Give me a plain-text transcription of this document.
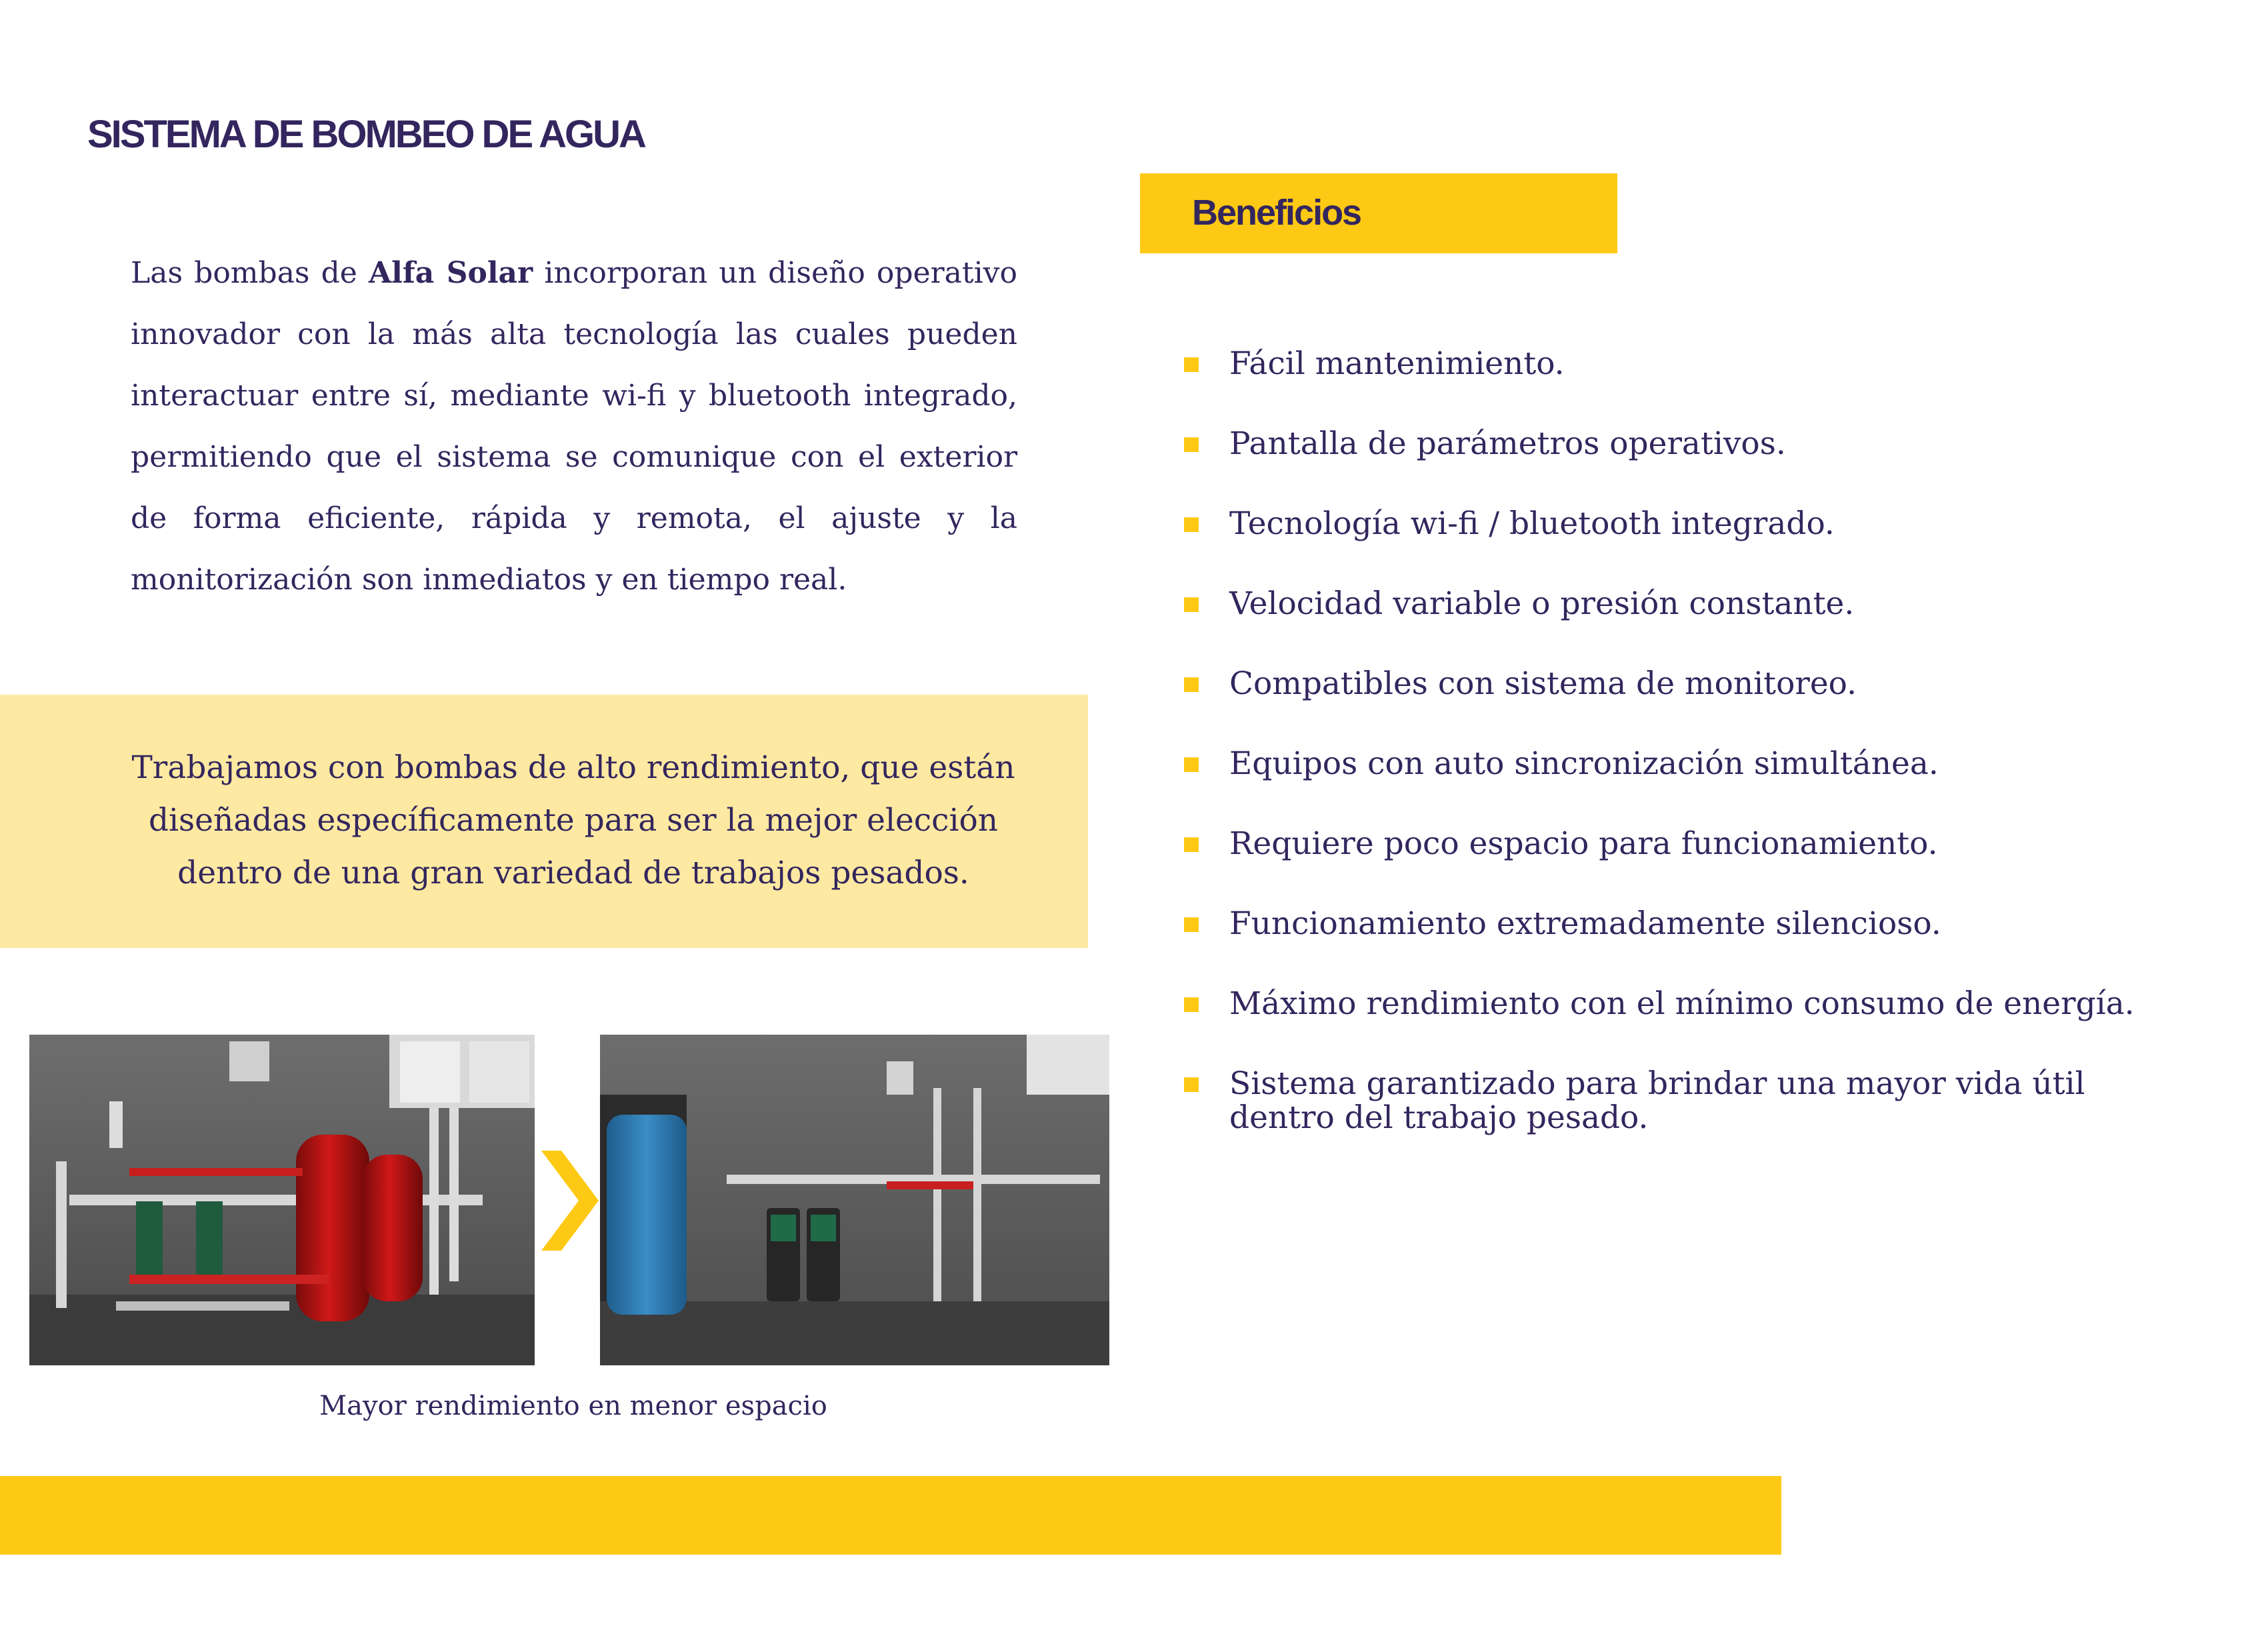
SISTEMA DE BOMBEO DE AGUA

Las bombas de Alfa Solar incorporan un diseño operativo innovador con la más alta tecnología las cuales pueden interactuar entre sí, mediante wi-fi y bluetooth integrado, permitiendo que el sistema se comunique con el exterior de forma eficiente, rápida y remota, el ajuste y la monitorización son inmediatos y en tiempo real.

Trabajamos con bombas de alto rendimiento, que están diseñadas específicamente para ser la mejor elección dentro de una gran variedad de trabajos pesados.

Mayor rendimiento en menor espacio

Beneficios
Fácil mantenimiento.
Pantalla de parámetros operativos.
Tecnología wi-fi / bluetooth integrado.
Velocidad variable o presión constante.
Compatibles con sistema de monitoreo.
Equipos con auto sincronización simultánea.
Requiere poco espacio para funcionamiento.
Funcionamiento extremadamente silencioso.
Máximo rendimiento con el mínimo consumo de energía.
Sistema garantizado para brindar una mayor vida útil dentro del trabajo pesado.
